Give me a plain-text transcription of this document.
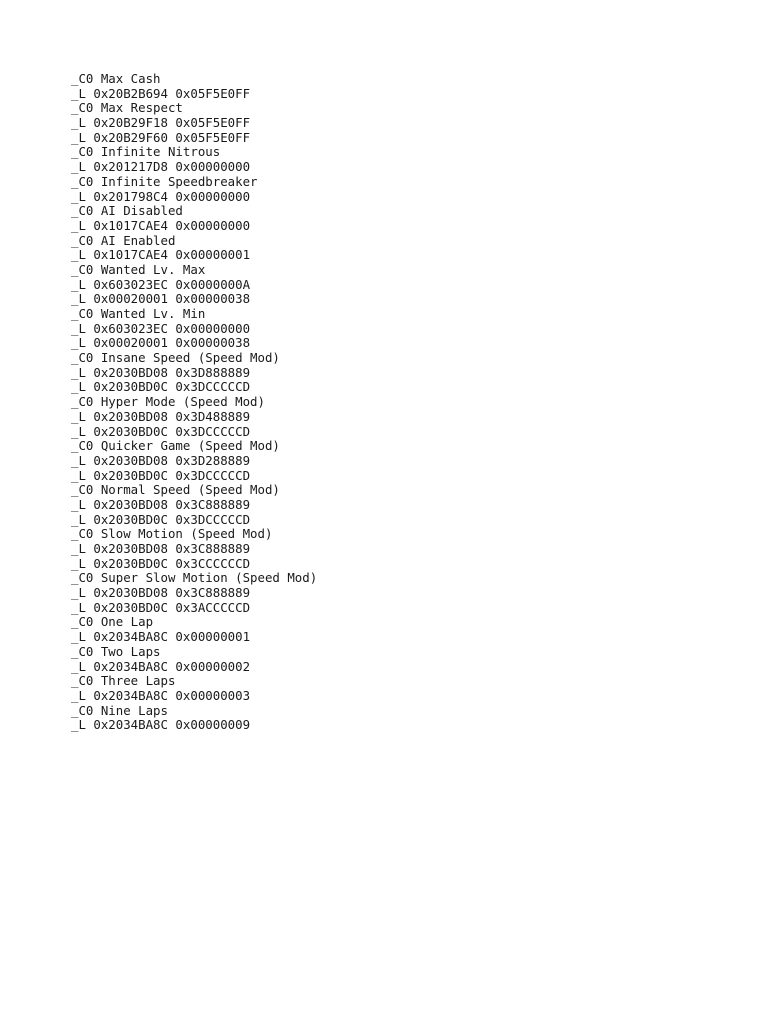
_C0 Max Cash
_L 0x20B2B694 0x05F5E0FF
_C0 Max Respect
_L 0x20B29F18 0x05F5E0FF
_L 0x20B29F60 0x05F5E0FF
_C0 Infinite Nitrous
_L 0x201217D8 0x00000000
_C0 Infinite Speedbreaker
_L 0x201798C4 0x00000000
_C0 AI Disabled
_L 0x1017CAE4 0x00000000
_C0 AI Enabled
_L 0x1017CAE4 0x00000001
_C0 Wanted Lv. Max
_L 0x603023EC 0x0000000A
_L 0x00020001 0x00000038
_C0 Wanted Lv. Min
_L 0x603023EC 0x00000000
_L 0x00020001 0x00000038
_C0 Insane Speed (Speed Mod)
_L 0x2030BD08 0x3D888889
_L 0x2030BD0C 0x3DCCCCCD
_C0 Hyper Mode (Speed Mod)
_L 0x2030BD08 0x3D488889
_L 0x2030BD0C 0x3DCCCCCD
_C0 Quicker Game (Speed Mod)
_L 0x2030BD08 0x3D288889
_L 0x2030BD0C 0x3DCCCCCD
_C0 Normal Speed (Speed Mod)
_L 0x2030BD08 0x3C888889
_L 0x2030BD0C 0x3DCCCCCD
_C0 Slow Motion (Speed Mod)
_L 0x2030BD08 0x3C888889
_L 0x2030BD0C 0x3CCCCCCD
_C0 Super Slow Motion (Speed Mod)
_L 0x2030BD08 0x3C888889
_L 0x2030BD0C 0x3ACCCCCD
_C0 One Lap
_L 0x2034BA8C 0x00000001
_C0 Two Laps
_L 0x2034BA8C 0x00000002
_C0 Three Laps
_L 0x2034BA8C 0x00000003
_C0 Nine Laps
_L 0x2034BA8C 0x00000009
